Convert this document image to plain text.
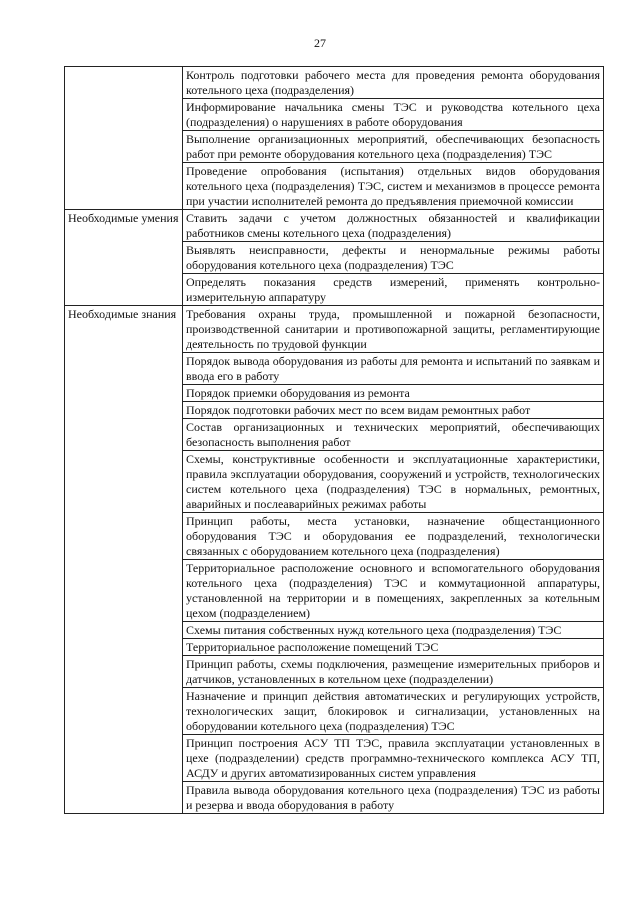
27
	Контроль подготовки рабочего места для проведения ремонта оборудования котельного цеха (подразделения)
	Информирование начальника смены ТЭС и руководства котельного цеха (подразделения) о нарушениях в работе оборудования
	Выполнение организационных мероприятий, обеспечивающих безопасность работ при ремонте оборудования котельного цеха (подразделения) ТЭС
	Проведение опробования (испытания) отдельных видов оборудования котельного цеха (подразделения) ТЭС, систем и механизмов в процессе ремонта при участии исполнителей ремонта до предъявления приемочной комиссии
Необходимые умения	Ставить задачи с учетом должностных обязанностей и квалификации работников смены котельного цеха (подразделения)
	Выявлять неисправности, дефекты и ненормальные режимы работы оборудования котельного цеха (подразделения) ТЭС
	Определять показания средств измерений, применять контрольно-измерительную аппаратуру
Необходимые знания	Требования охраны труда, промышленной и пожарной безопасности, производственной санитарии и противопожарной защиты, регламентирующие деятельность по трудовой функции
	Порядок вывода оборудования из работы для ремонта и испытаний по заявкам и ввода его в работу
	Порядок приемки оборудования из ремонта
	Порядок подготовки рабочих мест по всем видам ремонтных работ
	Состав организационных и технических мероприятий, обеспечивающих безопасность выполнения работ
	Схемы, конструктивные особенности и эксплуатационные характеристики, правила эксплуатации оборудования, сооружений и устройств, технологических систем котельного цеха (подразделения) ТЭС в нормальных, ремонтных, аварийных и послеаварийных режимах работы
	Принцип работы, места установки, назначение общестанционного оборудования ТЭС и оборудования ее подразделений, технологически связанных с оборудованием котельного цеха (подразделения)
	Территориальное расположение основного и вспомогательного оборудования котельного цеха (подразделения) ТЭС и коммутационной аппаратуры, установленной на территории и в помещениях, закрепленных за котельным цехом (подразделением)
	Схемы питания собственных нужд котельного цеха (подразделения) ТЭС
	Территориальное расположение помещений ТЭС
	Принцип работы, схемы подключения, размещение измерительных приборов и датчиков, установленных в котельном цехе (подразделении)
	Назначение и принцип действия автоматических и регулирующих устройств, технологических защит, блокировок и сигнализации, установленных на оборудовании котельного цеха (подразделения) ТЭС
	Принцип построения АСУ ТП ТЭС, правила эксплуатации установленных в цехе (подразделении) средств программно-технического комплекса АСУ ТП, АСДУ и других автоматизированных систем управления
	Правила вывода оборудования котельного цеха (подразделения) ТЭС из работы и резерва и ввода оборудования в работу
